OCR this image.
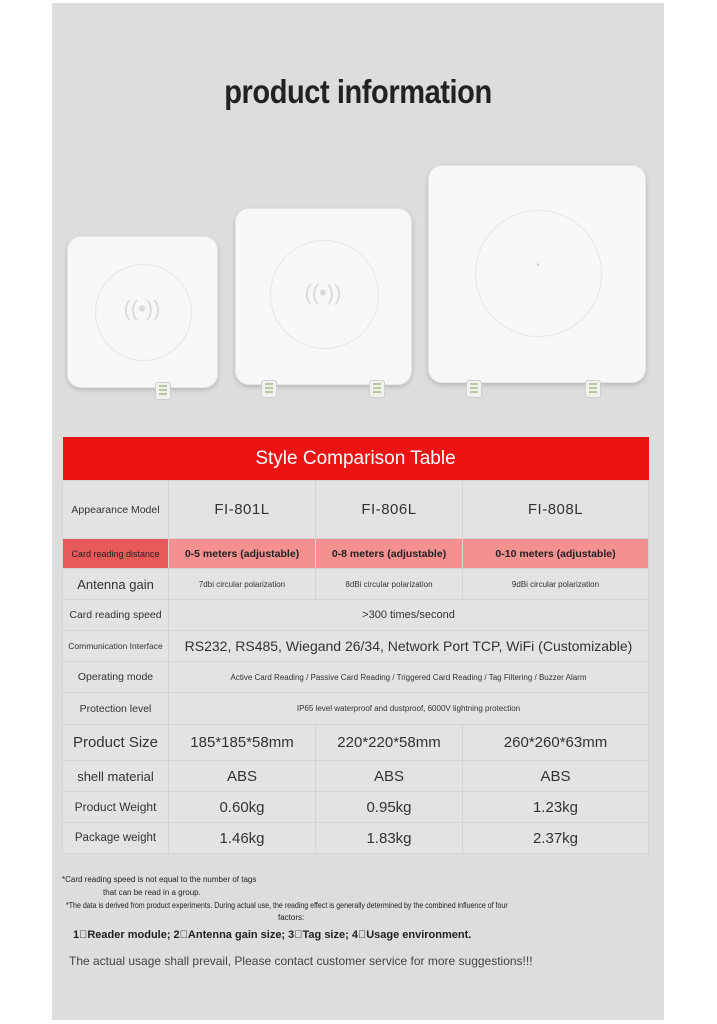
product information
((•))
((•))
•
Style Comparison Table			
Appearance Model	FI-801L	FI-806L	FI-808L
Card reading distance	0-5 meters (adjustable)	0-8 meters (adjustable)	0-10 meters (adjustable)
Antenna gain	7dbi circular polarization	8dBi circular polarization	9dBi circular polarization
Card reading speed	>300 times/second		
Communication Interface	RS232, RS485, Wiegand 26/34, Network Port TCP, WiFi (Customizable)		
Operating mode	Active Card Reading / Passive Card Reading / Triggered Card Reading / Tag Filtering / Buzzer Alarm		
Protection level	IP65 level waterproof and dustproof, 6000V lightning protection		
Product Size	185*185*58mm	220*220*58mm	260*260*63mm
shell material	ABS	ABS	ABS
Product Weight	0.60kg	0.95kg	1.23kg
Package weight	1.46kg	1.83kg	2.37kg
*Card reading speed is not equal to the number of tags
that can be read in a group.
*The data is derived from product experiments. During actual use, the reading effect is generally determined by the combined influence of four
factors:
1⃣Reader module; 2⃣Antenna gain size; 3⃣Tag size; 4⃣Usage environment.
The actual usage shall prevail, Please contact customer service for more suggestions!!!
